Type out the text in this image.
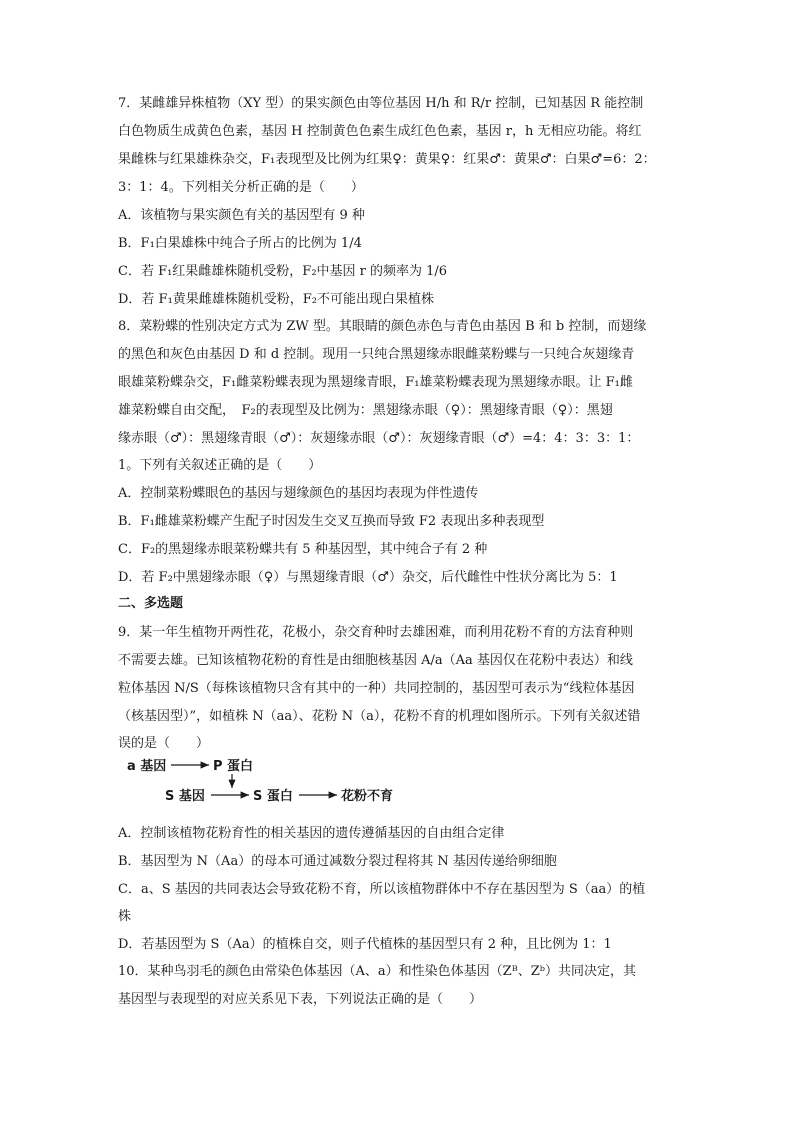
7．某雌雄异株植物（XY 型）的果实颜色由等位基因 H/h 和 R/r 控制，已知基因 R 能控制
白色物质生成黄色色素，基因 H 控制黄色色素生成红色色素，基因 r，h 无相应功能。将红
果雌株与红果雄株杂交，F₁表现型及比例为红果♀：黄果♀：红果♂：黄果♂：白果♂=6：2：
3：1：4。下列相关分析正确的是（　　）
A．该植物与果实颜色有关的基因型有 9 种
B．F₁白果雄株中纯合子所占的比例为 1/4
C．若 F₁红果雌雄株随机受粉，F₂中基因 r 的频率为 1/6
D．若 F₁黄果雌雄株随机受粉，F₂不可能出现白果植株
8．菜粉蝶的性别决定方式为 ZW 型。其眼睛的颜色赤色与青色由基因 B 和 b 控制，而翅缘
的黑色和灰色由基因 D 和 d 控制。现用一只纯合黑翅缘赤眼雌菜粉蝶与一只纯合灰翅缘青
眼雄菜粉蝶杂交，F₁雌菜粉蝶表现为黑翅缘青眼，F₁雄菜粉蝶表现为黑翅缘赤眼。让 F₁雌
雄菜粉蝶自由交配，　F₂的表现型及比例为：黑翅缘赤眼（♀）：黑翅缘青眼（♀）：黑翅
缘赤眼（♂）：黑翅缘青眼（♂）：灰翅缘赤眼（♂）：灰翅缘青眼（♂）=4：4：3：3：1：
1。下列有关叙述正确的是（　　）
A．控制菜粉蝶眼色的基因与翅缘颜色的基因均表现为伴性遗传
B．F₁雌雄菜粉蝶产生配子时因发生交叉互换而导致 F2 表现出多种表现型
C．F₂的黑翅缘赤眼菜粉蝶共有 5 种基因型，其中纯合子有 2 种
D．若 F₂中黑翅缘赤眼（♀）与黑翅缘青眼（♂）杂交，后代雌性中性状分离比为 5：1
二、多选题
9．某一年生植物开两性花，花极小，杂交育种时去雄困难，而利用花粉不育的方法育种则
不需要去雄。已知该植物花粉的育性是由细胞核基因 A/a（Aa 基因仅在花粉中表达）和线
粒体基因 N/S（每株该植物只含有其中的一种）共同控制的，基因型可表示为“线粒体基因
（核基因型）”，如植株 N（aa）、花粉 N（a），花粉不育的机理如图所示。下列有关叙述错
误的是（　　）
a 基因	P 蛋白
S 基因	S 蛋白	花粉不育
A．控制该植物花粉育性的相关基因的遗传遵循基因的自由组合定律
B．基因型为 N（Aa）的母本可通过减数分裂过程将其 N 基因传递给卵细胞
C．a、S 基因的共同表达会导致花粉不育，所以该植物群体中不存在基因型为 S（aa）的植
株
D．若基因型为 S（Aa）的植株自交，则子代植株的基因型只有 2 种，且比例为 1：1
10．某种鸟羽毛的颜色由常染色体基因（A、a）和性染色体基因（Zᴮ、Zᵇ）共同决定，其
基因型与表现型的对应关系见下表，下列说法正确的是（　　）
